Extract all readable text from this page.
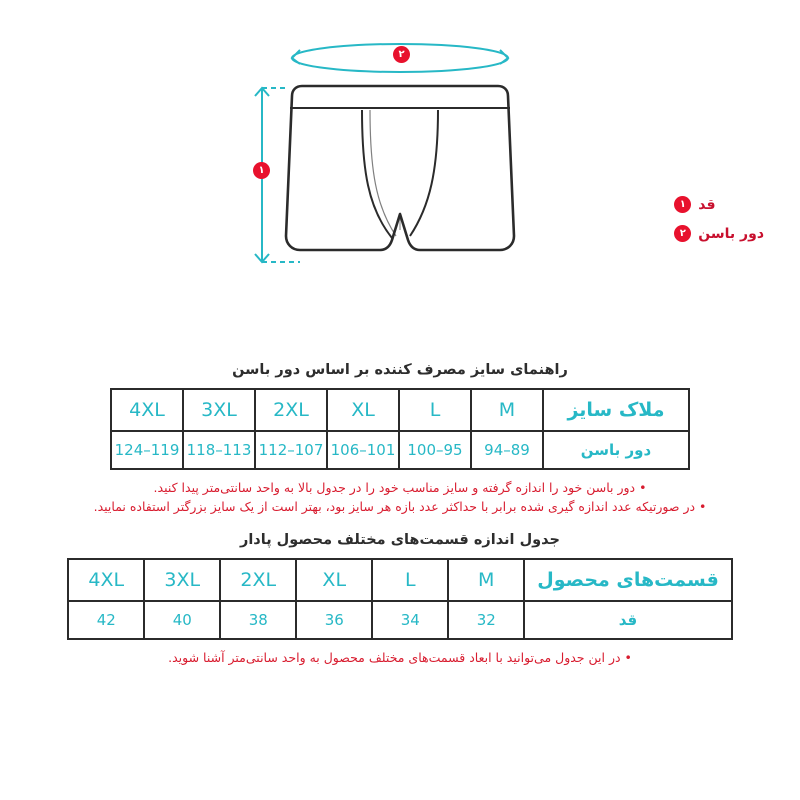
۲
۱
قد
۱
دور باسن
۲
راهنمای سایز مصرف کننده بر اساس دور باسن
ملاک سایز	M	L	XL	2XL	3XL	4XL
دور باسن	89–94	95–100	101–106	107–112	113–118	119–124
• دور باسن خود را اندازه گرفته و سایز مناسب خود را در جدول بالا به واحد سانتی‌متر پیدا کنید.
• در صورتیکه عدد اندازه گیری شده برابر با حداکثر عدد بازه هر سایز بود، بهتر است از یک سایز بزرگتر استفاده نمایید.
جدول اندازه قسمت‌های مختلف محصول پادار
قسمت‌های محصول	M	L	XL	2XL	3XL	4XL
قد	32	34	36	38	40	42
• در این جدول می‌توانید با ابعاد قسمت‌های مختلف محصول به واحد سانتی‌متر آشنا شوید.
